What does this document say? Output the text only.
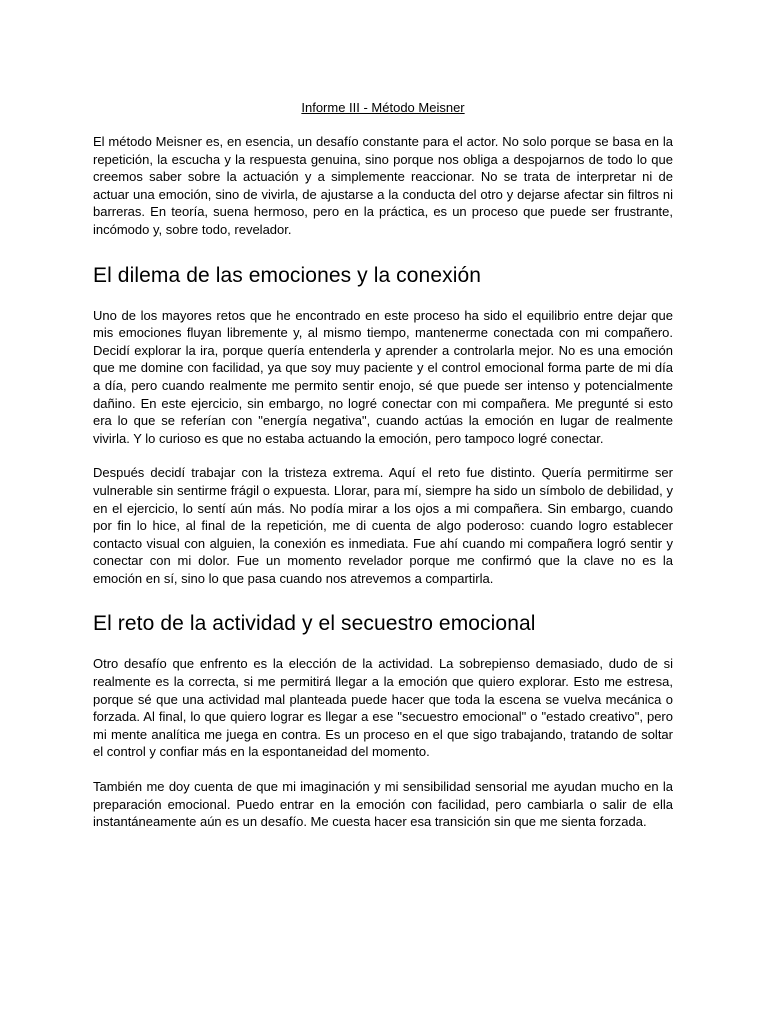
Informe III - Método Meisner

El método Meisner es, en esencia, un desafío constante para el actor. No solo porque se basa en la repetición, la escucha y la respuesta genuina, sino porque nos obliga a despojarnos de todo lo que creemos saber sobre la actuación y a simplemente reaccionar. No se trata de interpretar ni de actuar una emoción, sino de vivirla, de ajustarse a la conducta del otro y dejarse afectar sin filtros ni barreras. En teoría, suena hermoso, pero en la práctica, es un proceso que puede ser frustrante, incómodo y, sobre todo, revelador.

El dilema de las emociones y la conexión

Uno de los mayores retos que he encontrado en este proceso ha sido el equilibrio entre dejar que mis emociones fluyan libremente y, al mismo tiempo, mantenerme conectada con mi compañero. Decidí explorar la ira, porque quería entenderla y aprender a controlarla mejor. No es una emoción que me domine con facilidad, ya que soy muy paciente y el control emocional forma parte de mi día a día, pero cuando realmente me permito sentir enojo, sé que puede ser intenso y potencialmente dañino. En este ejercicio, sin embargo, no logré conectar con mi compañera. Me pregunté si esto era lo que se referían con "energía negativa", cuando actúas la emoción en lugar de realmente vivirla. Y lo curioso es que no estaba actuando la emoción, pero tampoco logré conectar.

Después decidí trabajar con la tristeza extrema. Aquí el reto fue distinto. Quería permitirme ser vulnerable sin sentirme frágil o expuesta. Llorar, para mí, siempre ha sido un símbolo de debilidad, y en el ejercicio, lo sentí aún más. No podía mirar a los ojos a mi compañera. Sin embargo, cuando por fin lo hice, al final de la repetición, me di cuenta de algo poderoso: cuando logro establecer contacto visual con alguien, la conexión es inmediata. Fue ahí cuando mi compañera logró sentir y conectar con mi dolor. Fue un momento revelador porque me confirmó que la clave no es la emoción en sí, sino lo que pasa cuando nos atrevemos a compartirla.

El reto de la actividad y el secuestro emocional

Otro desafío que enfrento es la elección de la actividad. La sobrepienso demasiado, dudo de si realmente es la correcta, si me permitirá llegar a la emoción que quiero explorar. Esto me estresa, porque sé que una actividad mal planteada puede hacer que toda la escena se vuelva mecánica o forzada. Al final, lo que quiero lograr es llegar a ese "secuestro emocional" o "estado creativo", pero mi mente analítica me juega en contra. Es un proceso en el que sigo trabajando, tratando de soltar el control y confiar más en la espontaneidad del momento.

También me doy cuenta de que mi imaginación y mi sensibilidad sensorial me ayudan mucho en la preparación emocional. Puedo entrar en la emoción con facilidad, pero cambiarla o salir de ella instantáneamente aún es un desafío. Me cuesta hacer esa transición sin que me sienta forzada.
